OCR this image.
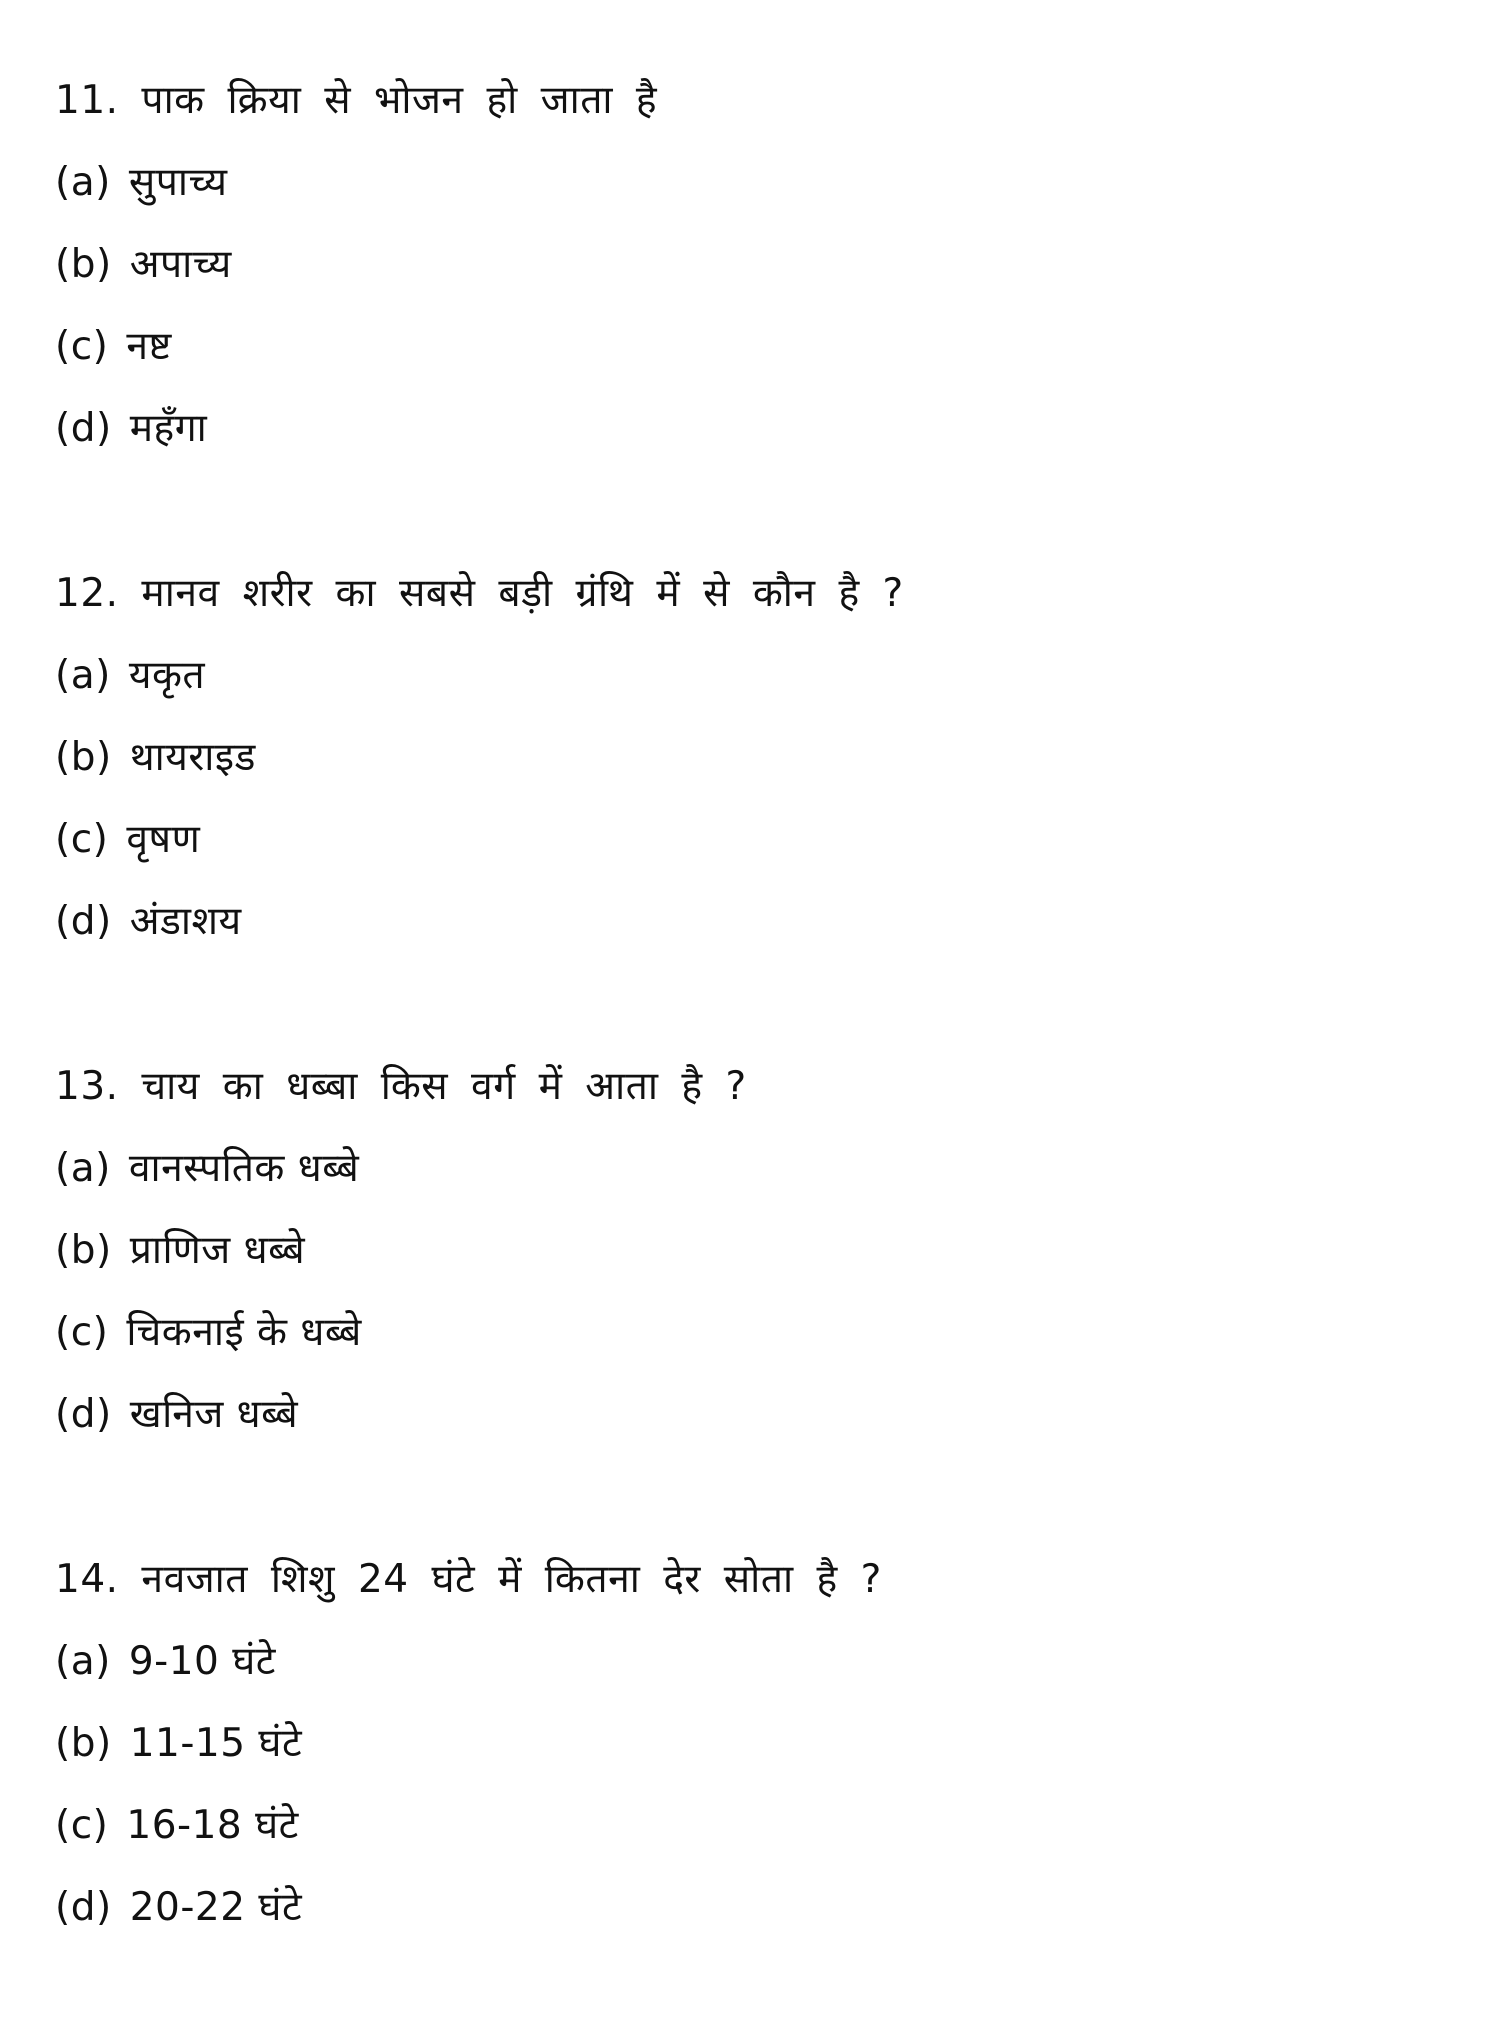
11. पाक क्रिया से भोजन हो जाता है
(a) सुपाच्य
(b) अपाच्य
(c) नष्ट
(d) महँगा
12. मानव शरीर का सबसे बड़ी ग्रंथि में से कौन है ?
(a) यकृत
(b) थायराइड
(c) वृषण
(d) अंडाशय
13. चाय का धब्बा किस वर्ग में आता है ?
(a) वानस्पतिक धब्बे
(b) प्राणिज धब्बे
(c) चिकनाई के धब्बे
(d) खनिज धब्बे
14. नवजात शिशु 24 घंटे में कितना देर सोता है ?
(a) 9-10 घंटे
(b) 11-15 घंटे
(c) 16-18 घंटे
(d) 20-22 घंटे
